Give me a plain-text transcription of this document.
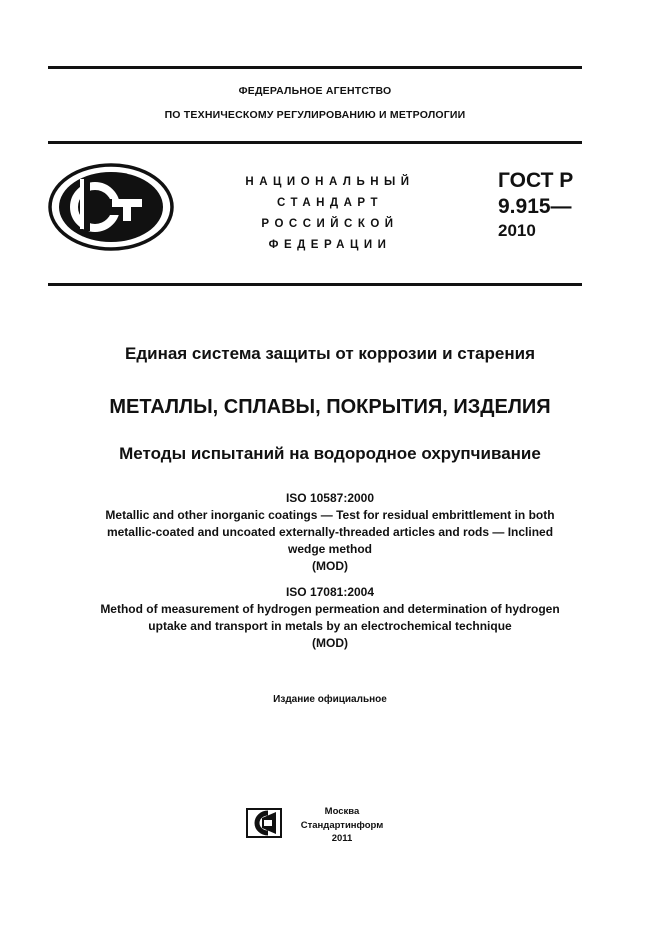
ФЕДЕРАЛЬНОЕ АГЕНТСТВО
ПО ТЕХНИЧЕСКОМУ РЕГУЛИРОВАНИЮ И МЕТРОЛОГИИ
НАЦИОНАЛЬНЫЙ
СТАНДАРТ
РОССИЙСКОЙ
ФЕДЕРАЦИИ
ГОСТ Р
9.915—
2010
Единая система защиты от коррозии и старения
МЕТАЛЛЫ, СПЛАВЫ, ПОКРЫТИЯ, ИЗДЕЛИЯ
Методы испытаний на водородное охрупчивание
ISO 10587:2000
Metallic and other inorganic coatings — Test for residual embrittlement in both
metallic-coated and uncoated externally-threaded articles and rods — Inclined
wedge method
(MOD)
ISO 17081:2004
Method of measurement of hydrogen permeation and determination of hydrogen
uptake and transport in metals by an electrochemical technique
(MOD)
Издание официальное
Москва
Стандартинформ
2011
